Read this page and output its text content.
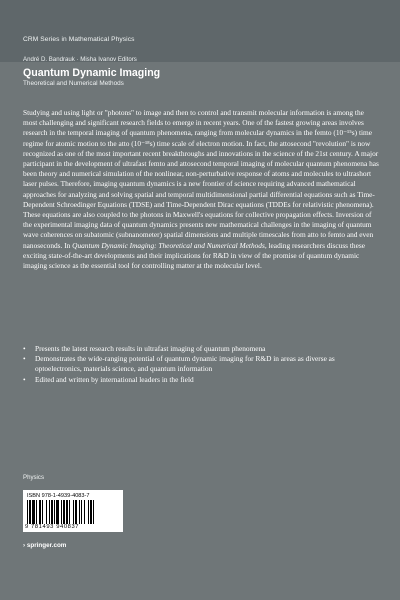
CRM Series in Mathematical Physics
André D. Bandrauk · Misha Ivanov Editors
Quantum Dynamic Imaging
Theoretical and Numerical Methods

Studying and using light or "photons" to image and then to control and transmit molecular information is among the most challenging and significant research fields to emerge in recent years. One of the fastest growing areas involves research in the temporal imaging of quantum phenomena, ranging from molecular dynamics in the femto (10⁻¹⁵s) time regime for atomic motion to the atto (10⁻¹⁸s) time scale of electron motion. In fact, the attosecond "revolution" is now recognized as one of the most important recent breakthroughs and innovations in the science of the 21st century. A major participant in the development of ultrafast femto and attosecond temporal imaging of molecular quantum phenomena has been theory and numerical simulation of the nonlinear, non-perturbative response of atoms and molecules to ultrashort laser pulses. Therefore, imaging quantum dynamics is a new frontier of science requiring advanced mathematical approaches for analyzing and solving spatial and temporal multidimensional partial differential equations such as Time-Dependent Schroedinger Equations (TDSE) and Time-Dependent Dirac equations (TDDEs for relativistic phenomena). These equations are also coupled to the photons in Maxwell's equations for collective propagation effects. Inversion of the experimental imaging data of quantum dynamics presents new mathematical challenges in the imaging of quantum wave coherences on subatomic (subnanometer) spatial dimensions and multiple timescales from atto to femto and even nanoseconds. In Quantum Dynamic Imaging: Theoretical and Numerical Methods, leading researchers discuss these exciting state-of-the-art developments and their implications for R&D in view of the promise of quantum dynamic imaging science as the essential tool for controlling matter at the molecular level.

• Presents the latest research results in ultrafast imaging of quantum phenomena
• Demonstrates the wide-ranging potential of quantum dynamic imaging for R&D in areas as diverse as optoelectronics, materials science, and quantum information
• Edited and written by international leaders in the field
Physics
ISBN 978-1-4939-4083-7
9 781493 940837
› springer.com
